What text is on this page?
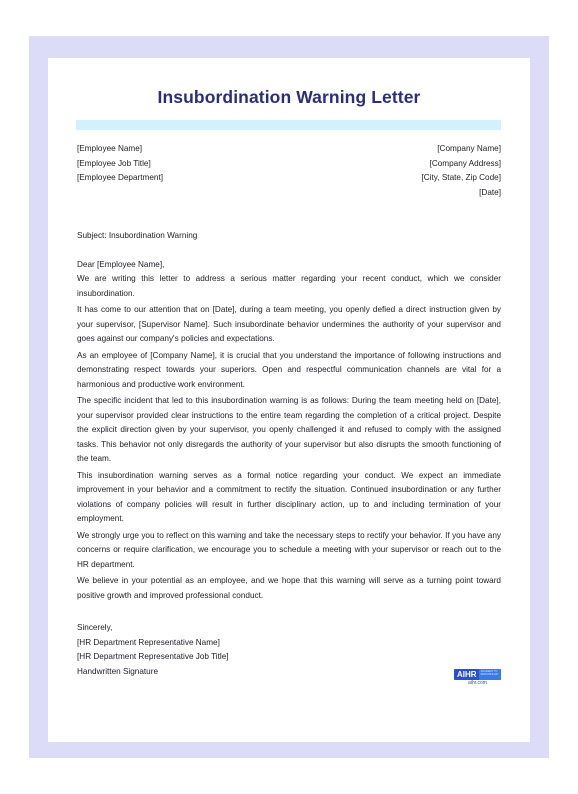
Insubordination Warning Letter
[Employee Name]
[Employee Job Title]
[Employee Department]
[Company Name]
[Company Address]
[City, State, Zip Code]
[Date]
Subject: Insubordination Warning
Dear [Employee Name],
We are writing this letter to address a serious matter regarding your recent conduct, which we consider insubordination.
It has come to our attention that on [Date], during a team meeting, you openly defied a direct instruction given by your supervisor, [Supervisor Name]. Such insubordinate behavior undermines the authority of your supervisor and goes against our company's policies and expectations.
As an employee of [Company Name], it is crucial that you understand the importance of following instructions and demonstrating respect towards your superiors. Open and respectful communication channels are vital for a harmonious and productive work environment.
The specific incident that led to this insubordination warning is as follows: During the team meeting held on [Date], your supervisor provided clear instructions to the entire team regarding the completion of a critical project. Despite the explicit direction given by your supervisor, you openly challenged it and refused to comply with the assigned tasks. This behavior not only disregards the authority of your supervisor but also disrupts the smooth functioning of the team.
This insubordination warning serves as a formal notice regarding your conduct. We expect an immediate improvement in your behavior and a commitment to rectify the situation. Continued insubordination or any further violations of company policies will result in further disciplinary action, up to and including termination of your employment.
We strongly urge you to reflect on this warning and take the necessary steps to rectify your behavior. If you have any concerns or require clarification, we encourage you to schedule a meeting with your supervisor or reach out to the HR department.
We believe in your potential as an employee, and we hope that this warning will serve as a turning point toward positive growth and improved professional conduct.
Sincerely,
[HR Department Representative Name]
[HR Department Representative Job Title]
Handwritten Signature	AIHR	ACADEMY TO INNOVATE HR
aihr.com
